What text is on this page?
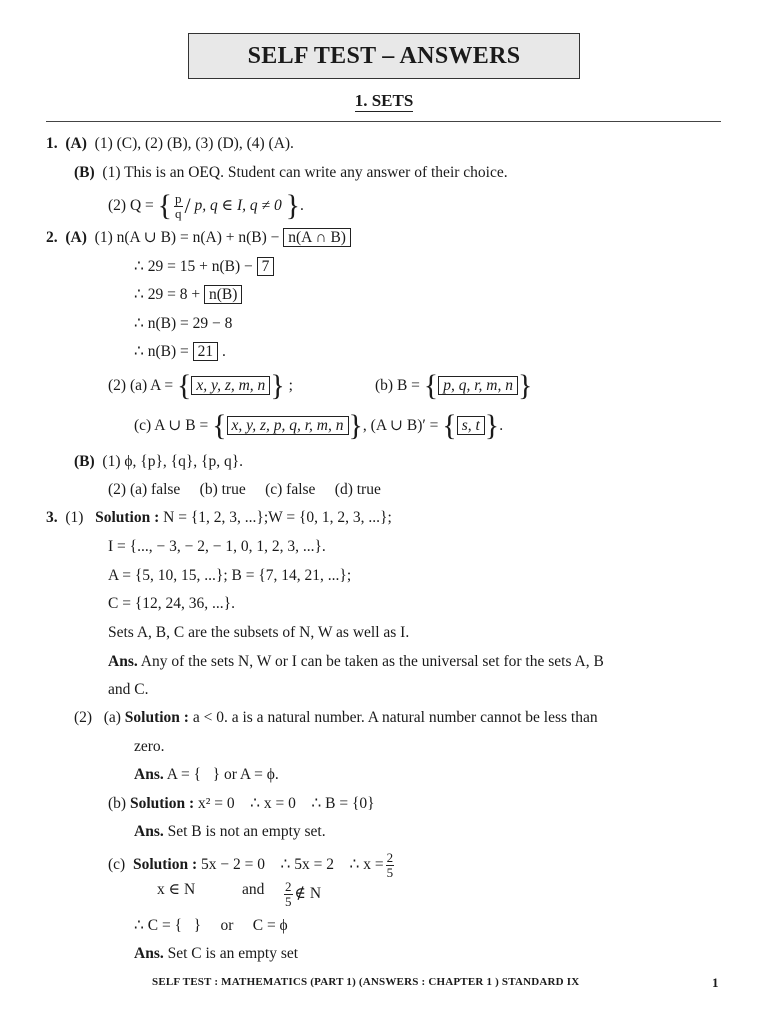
SELF TEST – ANSWERS
1. SETS
1. (A) (1) (C), (2) (B), (3) (D), (4) (A).
(B) (1) This is an OEQ. Student can write any answer of their choice.
(2) Q = { $\frac{p}{q}$ / p, q ∈ I, q ≠ 0 }.
2. (A) (1) n(A ∪ B) = n(A) + n(B) − n(A ∩ B)
∴ 29 = 15 + n(B) − 7
∴ 29 = 8 + n(B)
∴ n(B) = 29 − 8
∴ n(B) = 21 .
(2) (a) A = { x, y, z, m, n } ;	(b) B = { p, q, r, m, n }
(c) A ∪ B = { x, y, z, p, q, r, m, n }, (A ∪ B)′ = { s, t }.
(B) (1) ϕ, {p}, {q}, {p, q}.
(2) (a) false     (b) true     (c) false     (d) true
3. (1) Solution : N = {1, 2, 3, ...};W = {0, 1, 2, 3, ...};
I = {..., − 3, − 2, − 1, 0, 1, 2, 3, ...}.
A = {5, 10, 15, ...}; B = {7, 14, 21, ...};
C = {12, 24, 36, ...}.
Sets A, B, C are the subsets of N, W as well as I.
Ans. Any of the sets N, W or I can be taken as the universal set for the sets A, B
and C.
(2) (a) Solution : a < 0. a is a natural number. A natural number cannot be less than
zero.
Ans. A = {   } or A = ϕ.
(b) Solution : x² = 0    ∴ x = 0    ∴ B = {0}
Ans. Set B is not an empty set.
(c) Solution : 5x − 2 = 0    ∴ 5x = 2    ∴ $x = \frac{2}{5}$
x ∈ N	and $\frac{2}{5}$ ∉ N
∴ C = {   }     or     C = ϕ
Ans. Set C is an empty set
SELF TEST : MATHEMATICS (PART 1) (ANSWERS : CHAPTER 1 ) STANDARD IX	1
